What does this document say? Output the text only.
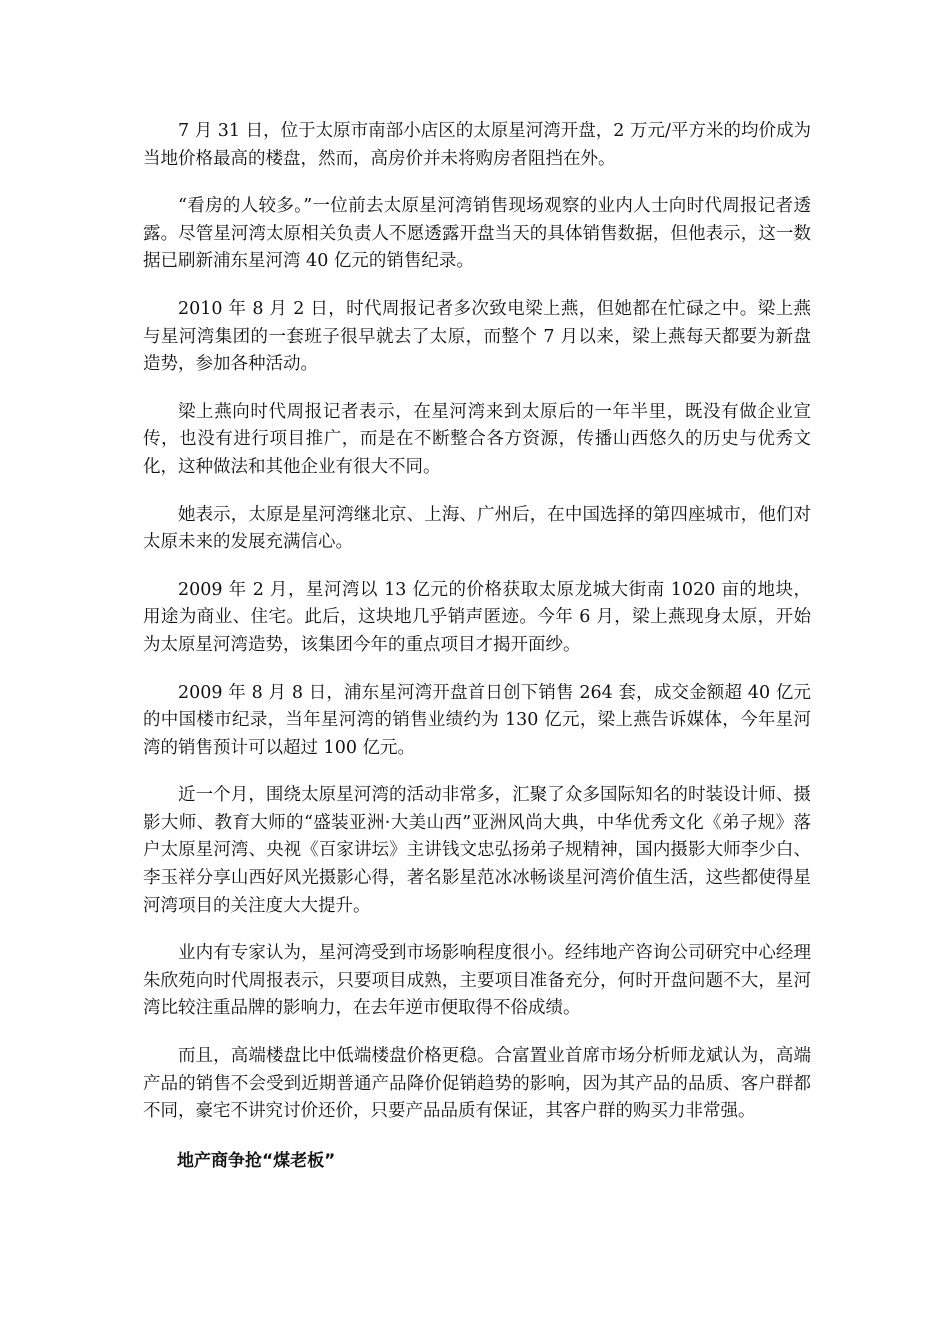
7 月 31 日，位于太原市南部小店区的太原星河湾开盘，2 万元/平方米的均价成为当地价格最高的楼盘，然而，高房价并未将购房者阻挡在外。

“看房的人较多。”一位前去太原星河湾销售现场观察的业内人士向时代周报记者透露。尽管星河湾太原相关负责人不愿透露开盘当天的具体销售数据，但他表示，这一数据已刷新浦东星河湾 40 亿元的销售纪录。

2010 年 8 月 2 日，时代周报记者多次致电梁上燕，但她都在忙碌之中。梁上燕与星河湾集团的一套班子很早就去了太原，而整个 7 月以来，梁上燕每天都要为新盘造势，参加各种活动。

梁上燕向时代周报记者表示，在星河湾来到太原后的一年半里，既没有做企业宣传，也没有进行项目推广，而是在不断整合各方资源，传播山西悠久的历史与优秀文化，这种做法和其他企业有很大不同。

她表示，太原是星河湾继北京、上海、广州后，在中国选择的第四座城市，他们对太原未来的发展充满信心。

2009 年 2 月，星河湾以 13 亿元的价格获取太原龙城大街南 1020 亩的地块，用途为商业、住宅。此后，这块地几乎销声匿迹。今年 6 月，梁上燕现身太原，开始为太原星河湾造势，该集团今年的重点项目才揭开面纱。

2009 年 8 月 8 日，浦东星河湾开盘首日创下销售 264 套，成交金额超 40 亿元的中国楼市纪录，当年星河湾的销售业绩约为 130 亿元，梁上燕告诉媒体，今年星河湾的销售预计可以超过 100 亿元。

近一个月，围绕太原星河湾的活动非常多，汇聚了众多国际知名的时装设计师、摄影大师、教育大师的“盛装亚洲·大美山西”亚洲风尚大典，中华优秀文化《弟子规》落户太原星河湾、央视《百家讲坛》主讲钱文忠弘扬弟子规精神，国内摄影大师李少白、李玉祥分享山西好风光摄影心得，著名影星范冰冰畅谈星河湾价值生活，这些都使得星河湾项目的关注度大大提升。

业内有专家认为，星河湾受到市场影响程度很小。经纬地产咨询公司研究中心经理朱欣苑向时代周报表示，只要项目成熟，主要项目准备充分，何时开盘问题不大，星河湾比较注重品牌的影响力，在去年逆市便取得不俗成绩。

而且，高端楼盘比中低端楼盘价格更稳。合富置业首席市场分析师龙斌认为，高端产品的销售不会受到近期普通产品降价促销趋势的影响，因为其产品的品质、客户群都不同，豪宅不讲究讨价还价，只要产品品质有保证，其客户群的购买力非常强。

地产商争抢“煤老板”
